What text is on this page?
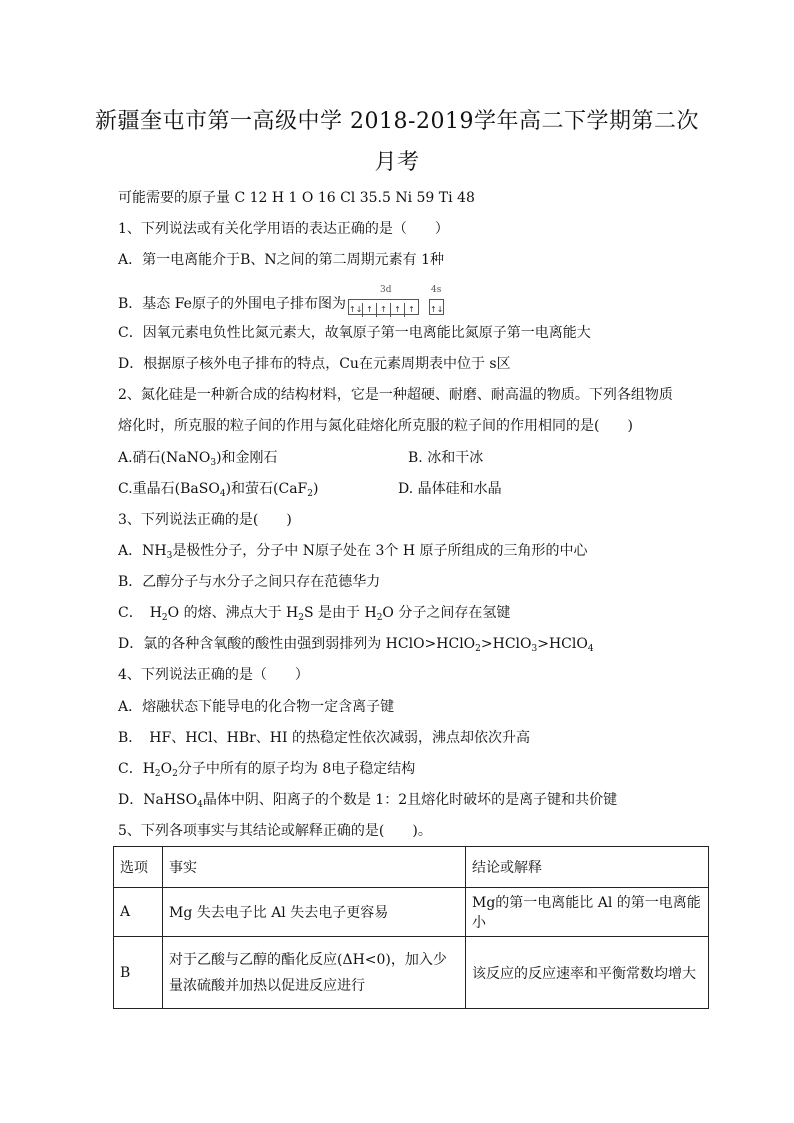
新疆奎屯市第一高级中学 2018-2019学年高二下学期第二次
月考
可能需要的原子量 C 12 H 1 O 16 Cl 35.5 Ni 59 Ti 48
1、下列说法或有关化学用语的表达正确的是（　　）
A．第一电离能介于B、N之间的第二周期元素有 1种
B．基态 Fe原子的外围电子排布图为
3d
↑↓ ↑ ↑ ↑ ↑
4s
↑↓
C．因氧元素电负性比氮元素大，故氧原子第一电离能比氮原子第一电离能大
D．根据原子核外电子排布的特点，Cu在元素周期表中位于 s区
2、氮化硅是一种新合成的结构材料，它是一种超硬、耐磨、耐高温的物质。下列各组物质
熔化时，所克服的粒子间的作用与氮化硅熔化所克服的粒子间的作用相同的是(　　)
A.硝石(NaNO$_3$)和金刚石	B. 冰和干冰
C.重晶石(BaSO$_4$)和萤石(CaF$_2$)	D. 晶体硅和水晶
3、下列说法正确的是(　　)
A．$NH_3$是极性分子，分子中 N原子处在 3个 H 原子所组成的三角形的中心
B．乙醇分子与水分子之间只存在范德华力
C．　$H_2O$ 的熔、沸点大于 $H_2S$ 是由于 $H_2O$ 分子之间存在氢键
D．氯的各种含氧酸的酸性由强到弱排列为 HClO>HClO$_2$>HClO$_3$>HClO$_4$
4、下列说法正确的是（　　）
A．熔融状态下能导电的化合物一定含离子键
B．　HF、HCl、HBr、HI 的热稳定性依次减弱，沸点却依次升高
C．$H_2O_2$分子中所有的原子均为 8电子稳定结构
D．NaHSO$_4$晶体中阴、阳离子的个数是 1：2且熔化时破坏的是离子键和共价键
5、下列各项事实与其结论或解释正确的是(　　)。
选项	事实	结论或解释
A	Mg 失去电子比 Al 失去电子更容易	Mg的第一电离能比 Al 的第一电离能小
B	对于乙酸与乙醇的酯化反应(ΔH<0)，加入少量浓硫酸并加热以促进反应进行	该反应的反应速率和平衡常数均增大
